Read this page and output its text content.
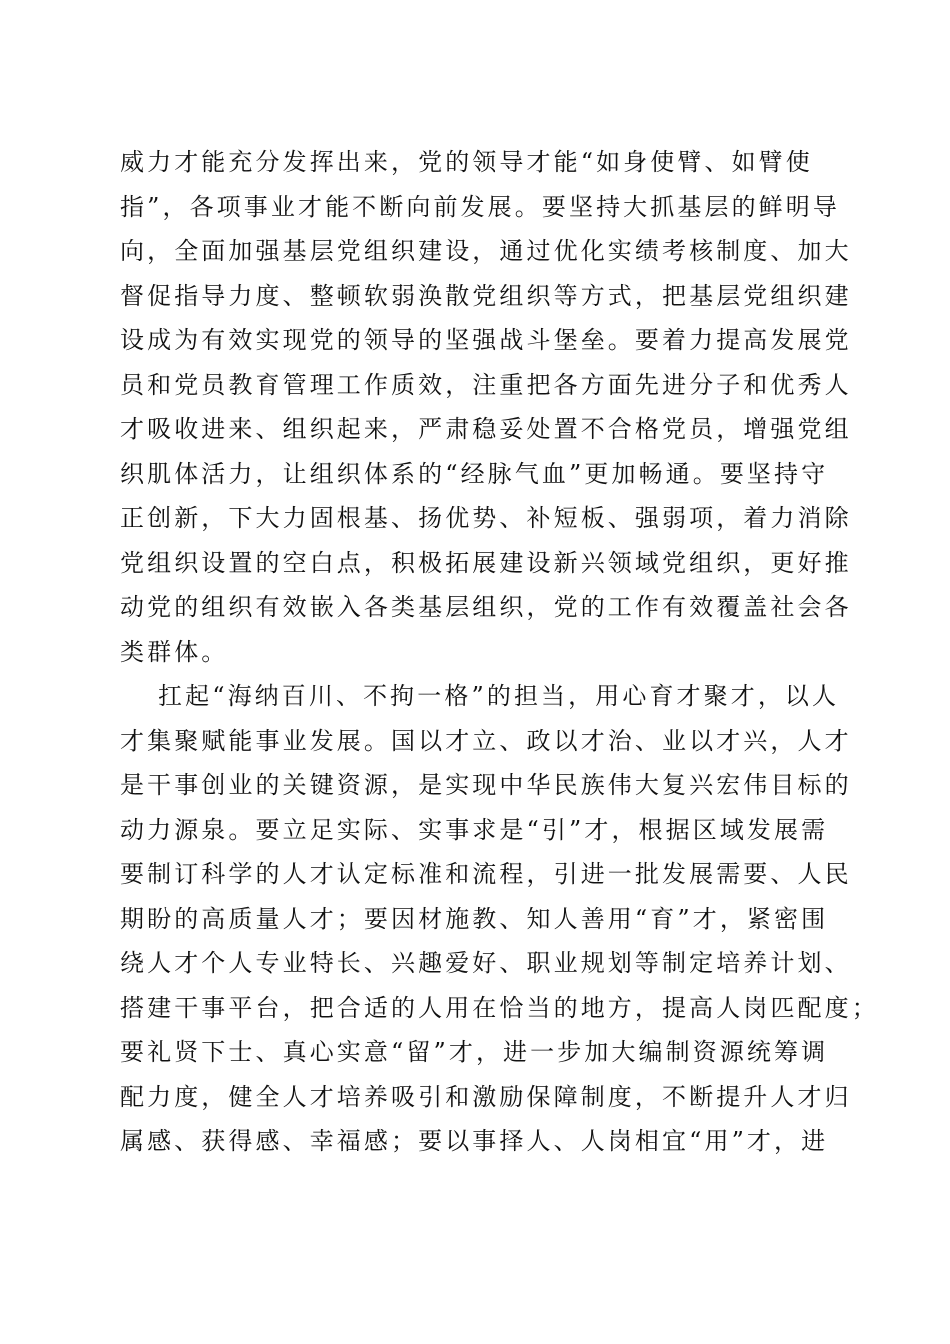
威力才能充分发挥出来，党的领导才能“如身使臂、如臂使
指”，各项事业才能不断向前发展。要坚持大抓基层的鲜明导
向，全面加强基层党组织建设，通过优化实绩考核制度、加大
督促指导力度、整顿软弱涣散党组织等方式，把基层党组织建
设成为有效实现党的领导的坚强战斗堡垒。要着力提高发展党
员和党员教育管理工作质效，注重把各方面先进分子和优秀人
才吸收进来、组织起来，严肃稳妥处置不合格党员，增强党组
织肌体活力，让组织体系的“经脉气血”更加畅通。要坚持守
正创新，下大力固根基、扬优势、补短板、强弱项，着力消除
党组织设置的空白点，积极拓展建设新兴领域党组织，更好推
动党的组织有效嵌入各类基层组织，党的工作有效覆盖社会各
类群体。
扛起“海纳百川、不拘一格”的担当，用心育才聚才，以人
才集聚赋能事业发展。国以才立、政以才治、业以才兴，人才
是干事创业的关键资源，是实现中华民族伟大复兴宏伟目标的
动力源泉。要立足实际、实事求是“引”才，根据区域发展需
要制订科学的人才认定标准和流程，引进一批发展需要、人民
期盼的高质量人才；要因材施教、知人善用“育”才，紧密围
绕人才个人专业特长、兴趣爱好、职业规划等制定培养计划、
搭建干事平台，把合适的人用在恰当的地方，提高人岗匹配度；
要礼贤下士、真心实意“留”才，进一步加大编制资源统筹调
配力度，健全人才培养吸引和激励保障制度，不断提升人才归
属感、获得感、幸福感；要以事择人、人岗相宜“用”才，进
